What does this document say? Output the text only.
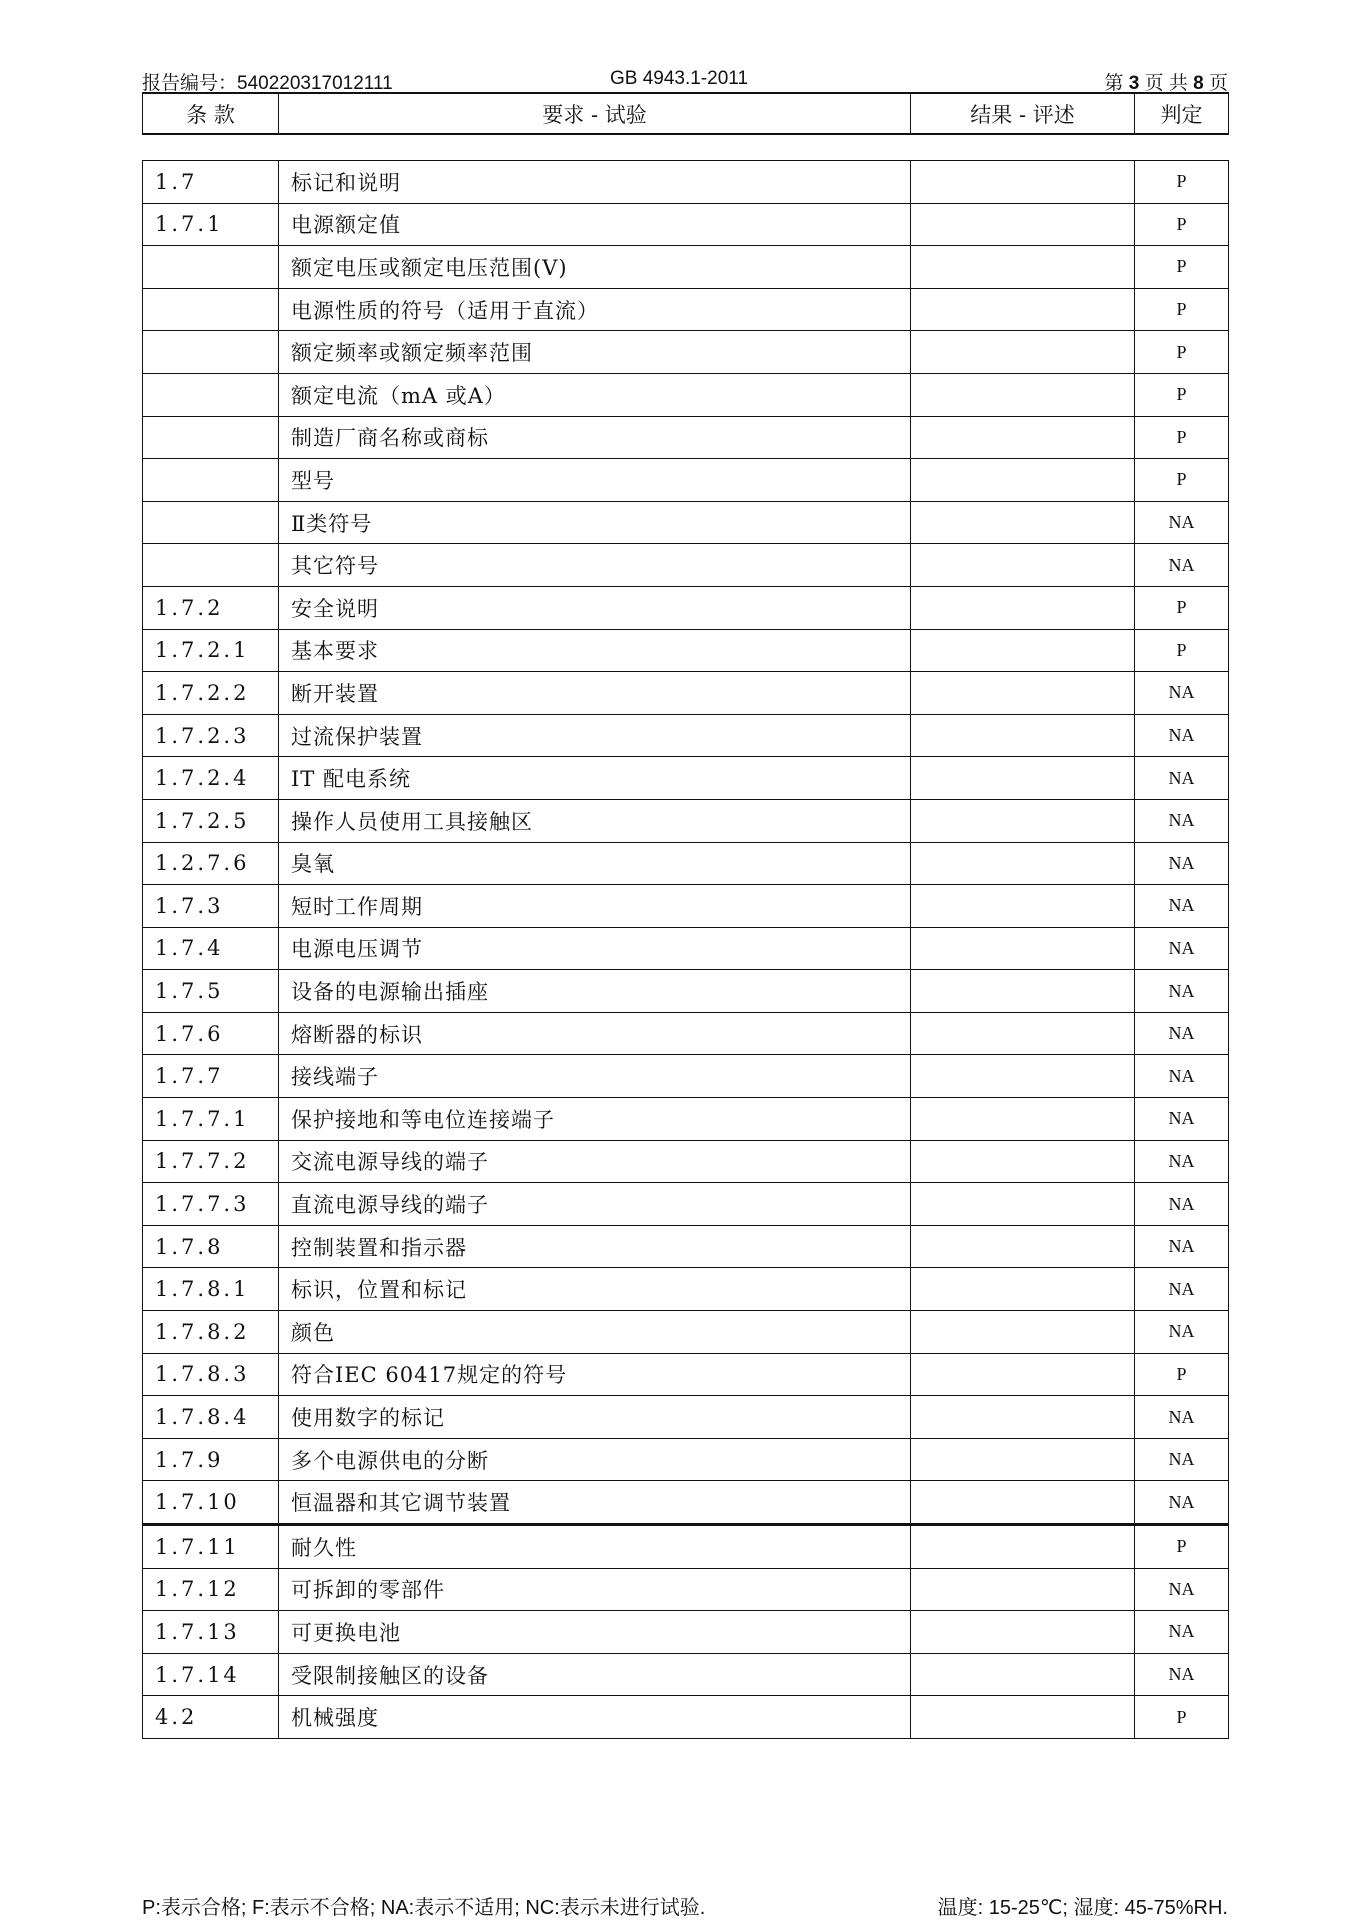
报告编号：540220317012111	GB 4943.1-2011	第 3 页 共 8 页
条 款	要求 - 试验	结果 - 评述	判定
1.7	标记和说明		P
1.7.1	电源额定值		P
	额定电压或额定电压范围(V)		P
	电源性质的符号（适用于直流）		P
	额定频率或额定频率范围		P
	额定电流（mA 或A）		P
	制造厂商名称或商标		P
	型号		P
	Ⅱ类符号		NA
	其它符号		NA
1.7.2	安全说明		P
1.7.2.1	基本要求		P
1.7.2.2	断开装置		NA
1.7.2.3	过流保护装置		NA
1.7.2.4	IT 配电系统		NA
1.7.2.5	操作人员使用工具接触区		NA
1.2.7.6	臭氧		NA
1.7.3	短时工作周期		NA
1.7.4	电源电压调节		NA
1.7.5	设备的电源输出插座		NA
1.7.6	熔断器的标识		NA
1.7.7	接线端子		NA
1.7.7.1	保护接地和等电位连接端子		NA
1.7.7.2	交流电源导线的端子		NA
1.7.7.3	直流电源导线的端子		NA
1.7.8	控制装置和指示器		NA
1.7.8.1	标识，位置和标记		NA
1.7.8.2	颜色		NA
1.7.8.3	符合IEC 60417规定的符号		P
1.7.8.4	使用数字的标记		NA
1.7.9	多个电源供电的分断		NA
1.7.10	恒温器和其它调节装置		NA
1.7.11	耐久性		P
1.7.12	可拆卸的零部件		NA
1.7.13	可更换电池		NA
1.7.14	受限制接触区的设备		NA
4.2	机械强度		P
P:表示合格; F:表示不合格; NA:表示不适用; NC:表示未进行试验.	温度: 15-25℃; 湿度: 45-75%RH.
